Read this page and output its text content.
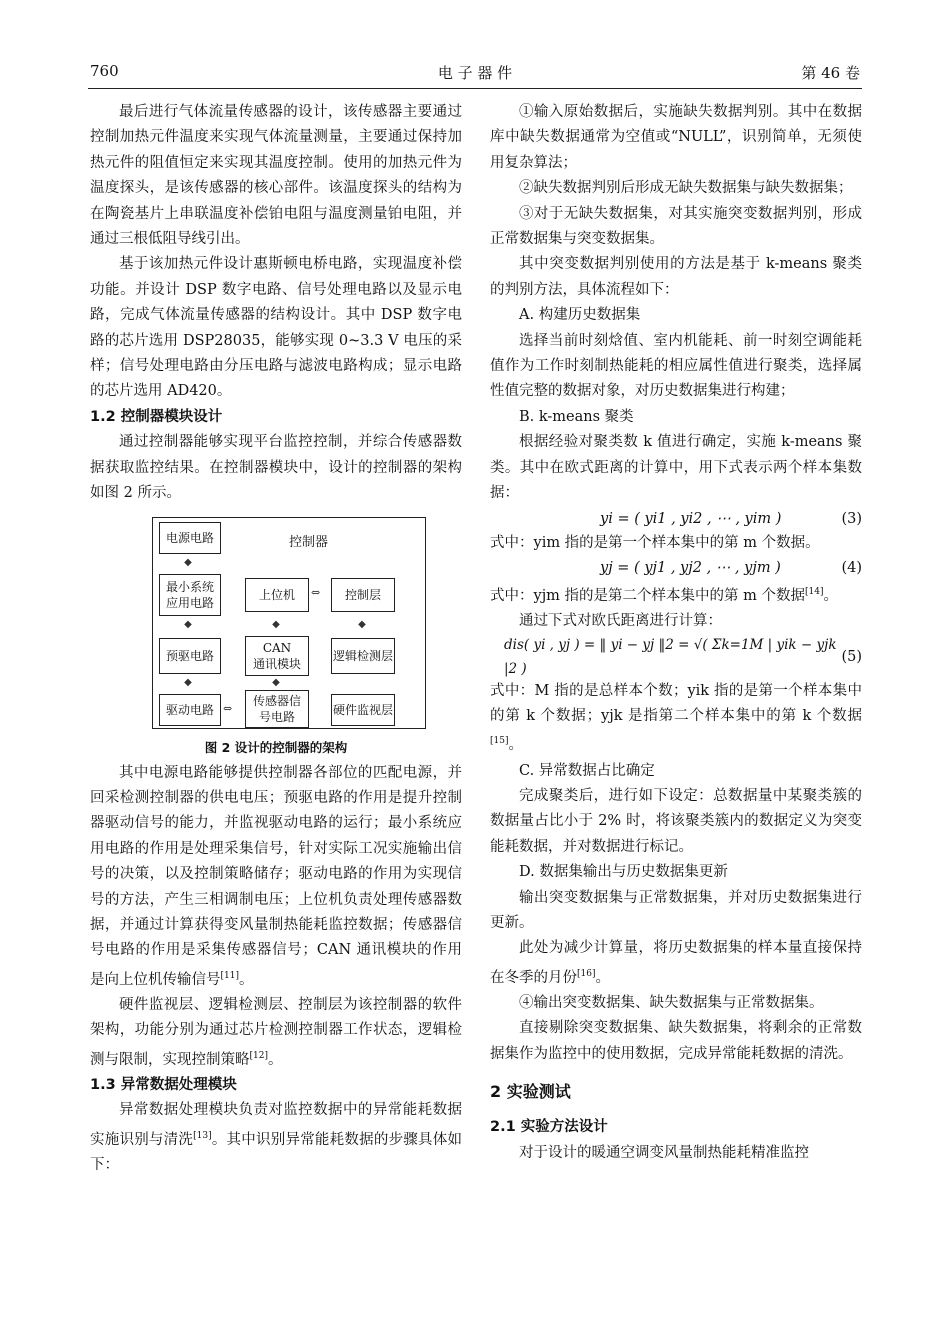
760	电 子 器 件	第 46 卷

最后进行气体流量传感器的设计，该传感器主要通过控制加热元件温度来实现气体流量测量，主要通过保持加热元件的阻值恒定来实现其温度控制。使用的加热元件为温度探头，是该传感器的核心部件。该温度探头的结构为在陶瓷基片上串联温度补偿铂电阻与温度测量铂电阻，并通过三根低阻导线引出。

基于该加热元件设计惠斯顿电桥电路，实现温度补偿功能。并设计 DSP 数字电路、信号处理电路以及显示电路，完成气体流量传感器的结构设计。其中 DSP 数字电路的芯片选用 DSP28035，能够实现 0~3.3 V 电压的采样；信号处理电路由分压电路与滤波电路构成；显示电路的芯片选用 AD420。

1.2 控制器模块设计

通过控制器能够实现平台监控控制，并综合传感器数据获取监控结果。在控制器模块中，设计的控制器的架构如图 2 所示。

控制器
电源电路
◆
最小系统
应用电路
上位机 ⇔ 控制层
◆	◆	◆
预驱电路
CAN
通讯模块
逻辑检测层
◆	◆
驱动电路 ⇔
传感器信
号电路	硬件监视层
图 2 设计的控制器的架构

其中电源电路能够提供控制器各部位的匹配电源，并回采检测控制器的供电电压；预驱电路的作用是提升控制器驱动信号的能力，并监视驱动电路的运行；最小系统应用电路的作用是处理采集信号，针对实际工况实施输出信号的决策，以及控制策略储存；驱动电路的作用为实现信号的方法，产生三相调制电压；上位机负责处理传感器数据，并通过计算获得变风量制热能耗监控数据；传感器信号电路的作用是采集传感器信号；CAN 通讯模块的作用是向上位机传输信号[11]。

硬件监视层、逻辑检测层、控制层为该控制器的软件架构，功能分别为通过芯片检测控制器工作状态，逻辑检测与限制，实现控制策略[12]。

1.3 异常数据处理模块

异常数据处理模块负责对监控数据中的异常能耗数据实施识别与清洗[13]。其中识别异常能耗数据的步骤具体如下：

①输入原始数据后，实施缺失数据判别。其中在数据库中缺失数据通常为空值或“NULL”，识别简单，无须使用复杂算法；

②缺失数据判别后形成无缺失数据集与缺失数据集；

③对于无缺失数据集，对其实施突变数据判别，形成正常数据集与突变数据集。

其中突变数据判别使用的方法是基于 k-means 聚类的判别方法，具体流程如下：

A. 构建历史数据集

选择当前时刻焓值、室内机能耗、前一时刻空调能耗值作为工作时刻制热能耗的相应属性值进行聚类，选择属性值完整的数据对象，对历史数据集进行构建；

B. k-means 聚类

根据经验对聚类数 k 值进行确定，实施 k-means 聚类。其中在欧式距离的计算中，用下式表示两个样本集数据：

yi = ( yi1 , yi2 , ⋯ , yim )	(3)

式中：yim 指的是第一个样本集中的第 m 个数据。

yj = ( yj1 , yj2 , ⋯ , yjm )	(4)

式中：yjm 指的是第二个样本集中的第 m 个数据[14]。

通过下式对欧氏距离进行计算：

dis( yi , yj ) = ‖ yi − yj ‖2 = √( Σk=1M | yik − yjk |2 )
(5)

式中：M 指的是总样本个数；yik 指的是第一个样本集中的第 k 个数据；yjk 是指第二个样本集中的第 k 个数据[15]。

C. 异常数据占比确定

完成聚类后，进行如下设定：总数据量中某聚类簇的数据量占比小于 2% 时，将该聚类簇内的数据定义为突变能耗数据，并对数据进行标记。

D. 数据集输出与历史数据集更新

输出突变数据集与正常数据集，并对历史数据集进行更新。

此处为减少计算量，将历史数据集的样本量直接保持在冬季的月份[16]。

④输出突变数据集、缺失数据集与正常数据集。

直接剔除突变数据集、缺失数据集，将剩余的正常数据集作为监控中的使用数据，完成异常能耗数据的清洗。

2 实验测试

2.1 实验方法设计

对于设计的暖通空调变风量制热能耗精准监控
